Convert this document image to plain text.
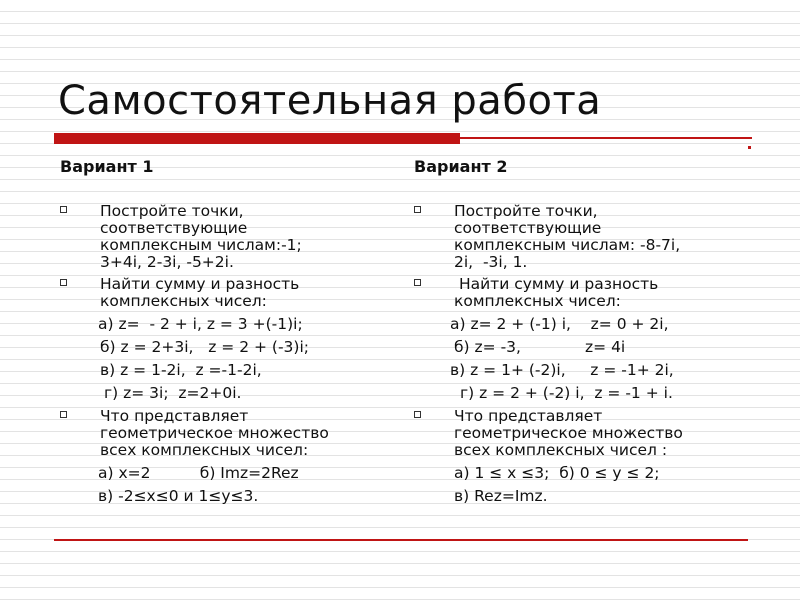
Самостоятельная работа
Вариант 1
Постройте точки,
соответствующие
комплексным числам:-1;
3+4i, 2-3i, -5+2i.
Найти сумму и разность
комплексных чисел:
а) z=  - 2 + i, z = 3 +(-1)i;
б) z = 2+3i,   z = 2 + (-3)i;
в) z = 1-2i,  z =-1-2i,
г) z= 3i;  z=2+0i.
Что представляет
геометрическое множество
всех комплексных чисел:
а) x=2          б) Imz=2Rez
в) -2≤x≤0 и 1≤y≤3.
Вариант 2
Постройте точки,
соответствующие
комплексным числам: -8-7i,
2i,  -3i, 1.
Найти сумму и разность
комплексных чисел:
а) z= 2 + (-1) i,    z= 0 + 2i,
б) z= -3,             z= 4i
в) z = 1+ (-2)i,     z = -1+ 2i,
г) z = 2 + (-2) i,  z = -1 + i.
Что представляет
геометрическое множество
всех комплексных чисел :
а) 1 ≤ x ≤3;  б) 0 ≤ y ≤ 2;
в) Rez=Imz.
